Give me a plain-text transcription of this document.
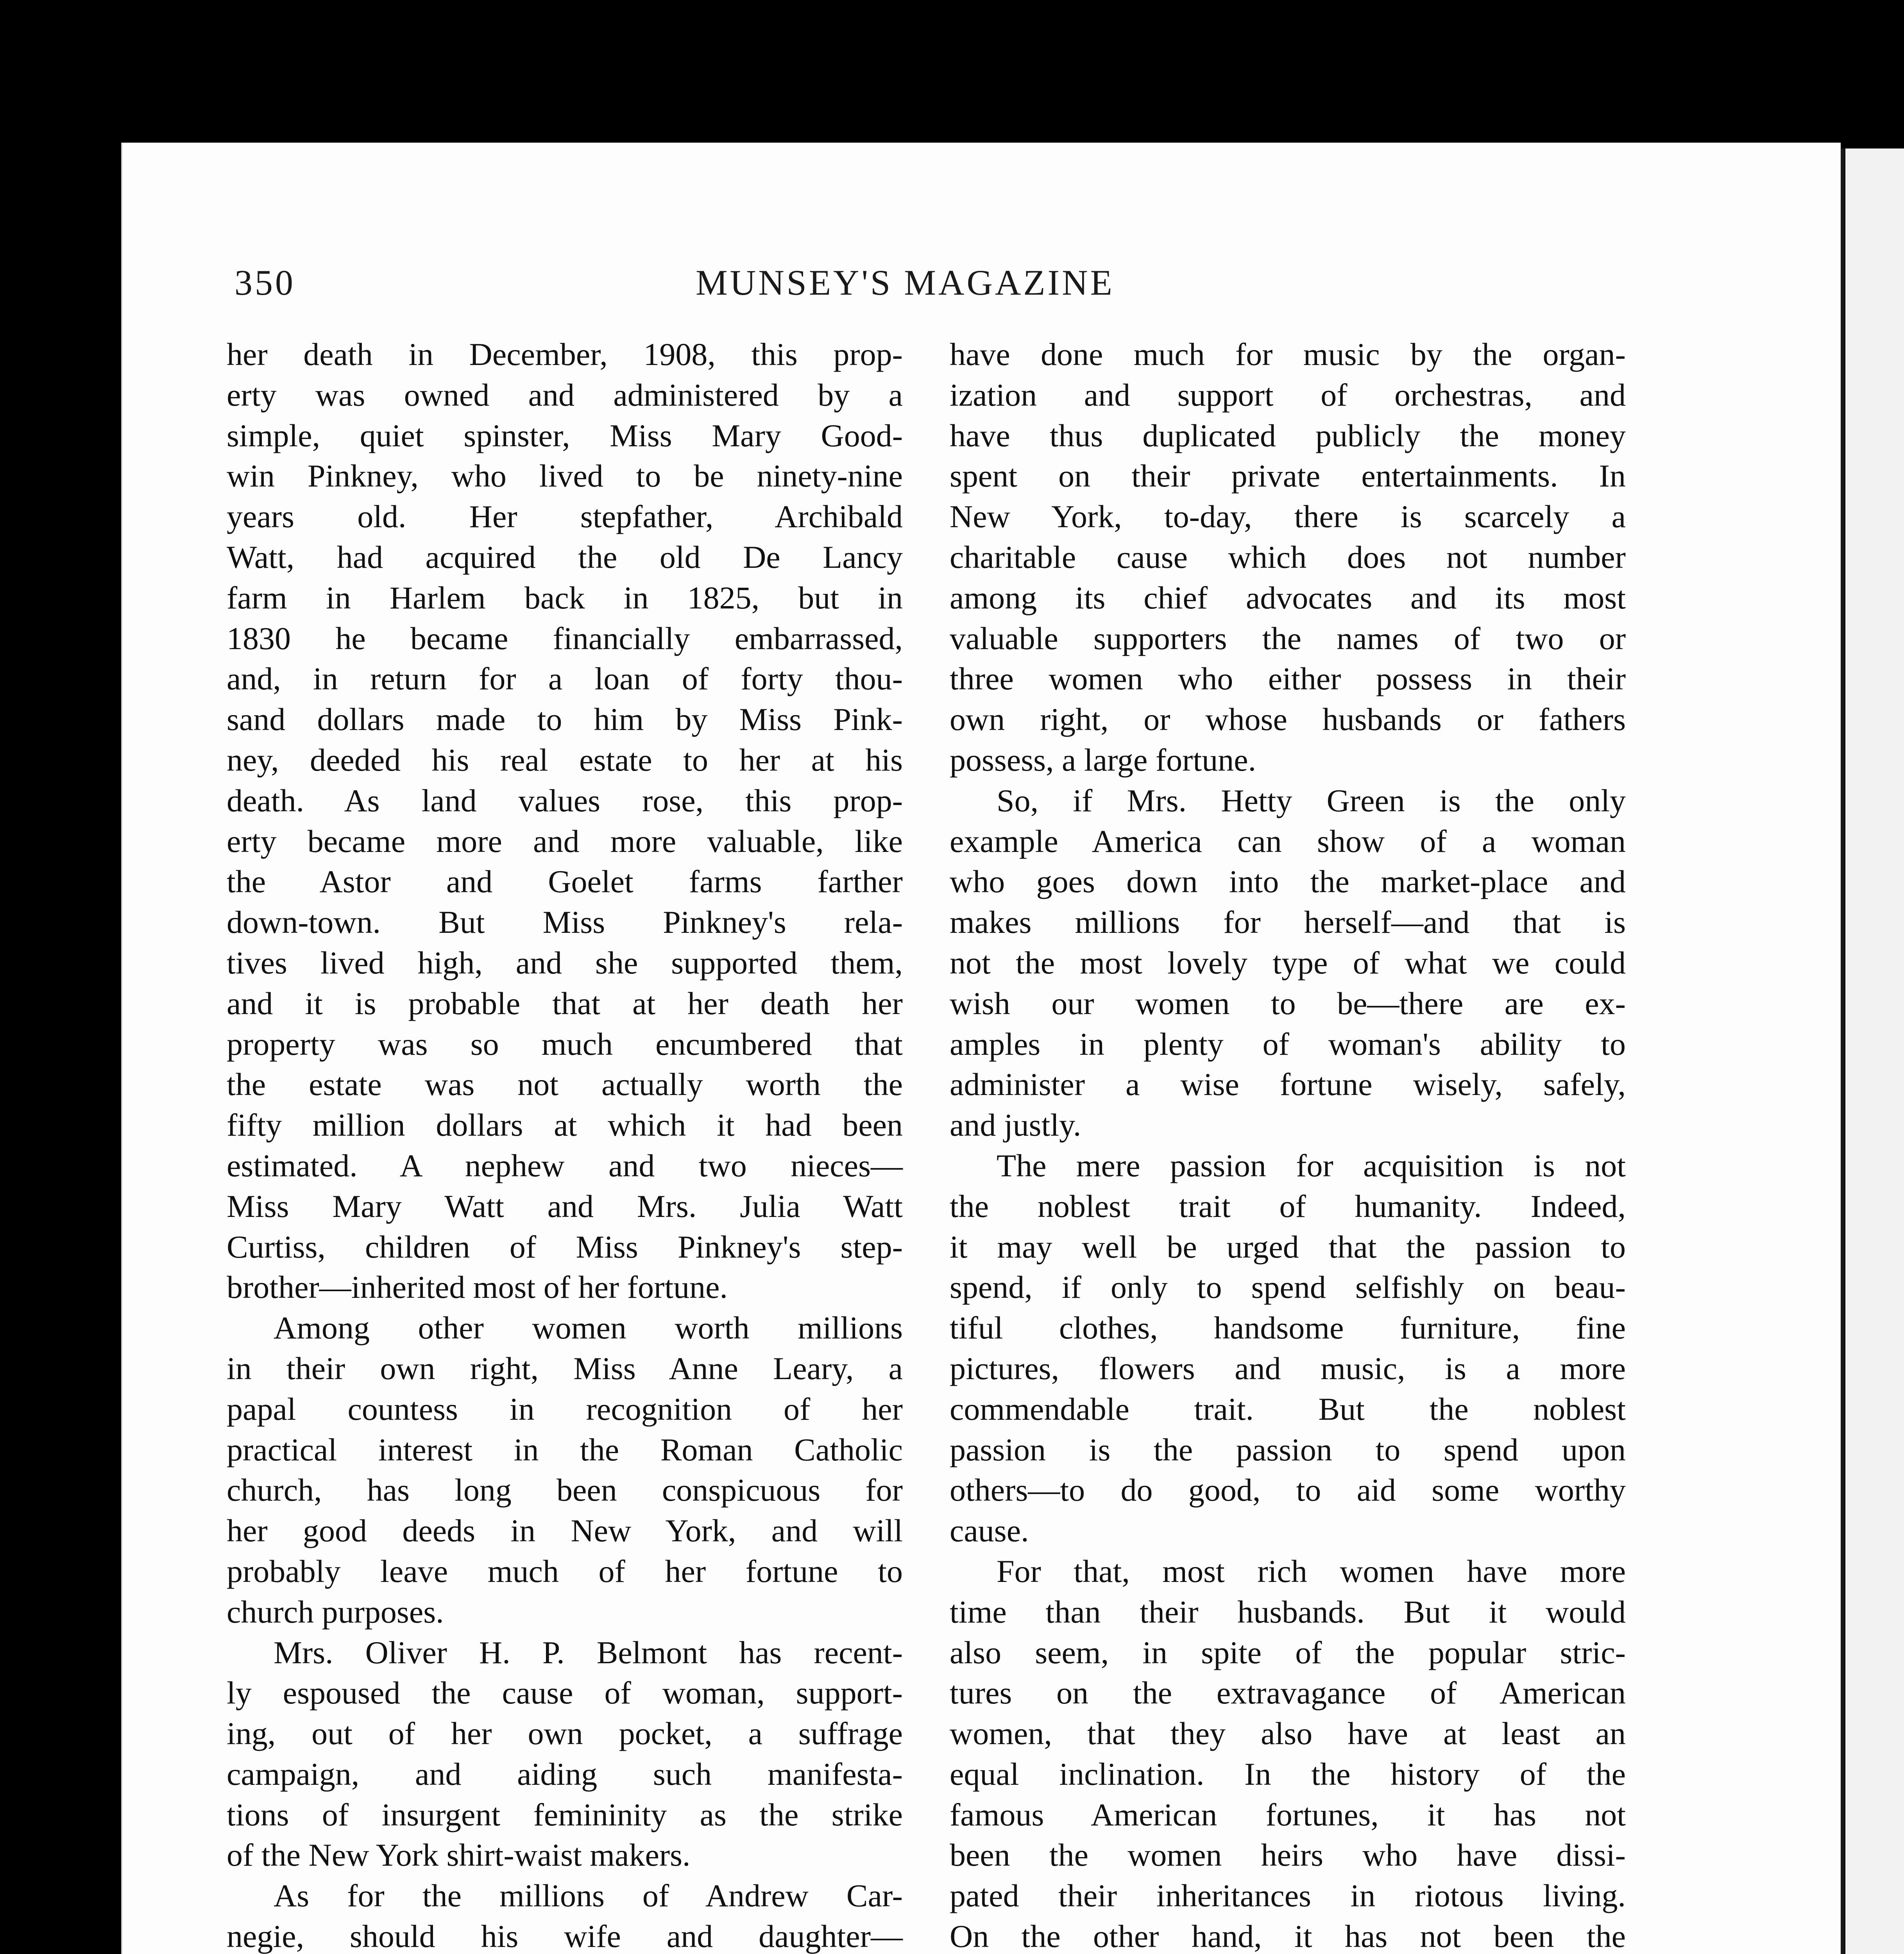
350	MUNSEY'S MAGAZINE
her death in December, 1908, this prop-
erty was owned and administered by a
simple, quiet spinster, Miss Mary Good-
win Pinkney, who lived to be ninety-nine
years old. Her stepfather, Archibald
Watt, had acquired the old De Lancy
farm in Harlem back in 1825, but in
1830 he became financially embarrassed,
and, in return for a loan of forty thou-
sand dollars made to him by Miss Pink-
ney, deeded his real estate to her at his
death. As land values rose, this prop-
erty became more and more valuable, like
the Astor and Goelet farms farther
down-town. But Miss Pinkney's rela-
tives lived high, and she supported them,
and it is probable that at her death her
property was so much encumbered that
the estate was not actually worth the
fifty million dollars at which it had been
estimated. A nephew and two nieces—
Miss Mary Watt and Mrs. Julia Watt
Curtiss, children of Miss Pinkney's step-
brother—inherited most of her fortune.
Among other women worth millions
in their own right, Miss Anne Leary, a
papal countess in recognition of her
practical interest in the Roman Catholic
church, has long been conspicuous for
her good deeds in New York, and will
probably leave much of her fortune to
church purposes.
Mrs. Oliver H. P. Belmont has recent-
ly espoused the cause of woman, support-
ing, out of her own pocket, a suffrage
campaign, and aiding such manifesta-
tions of insurgent femininity as the strike
of the New York shirt-waist makers.
As for the millions of Andrew Car-
negie, should his wife and daughter—
have done much for music by the organ-
ization and support of orchestras, and
have thus duplicated publicly the money
spent on their private entertainments. In
New York, to-day, there is scarcely a
charitable cause which does not number
among its chief advocates and its most
valuable supporters the names of two or
three women who either possess in their
own right, or whose husbands or fathers
possess, a large fortune.
So, if Mrs. Hetty Green is the only
example America can show of a woman
who goes down into the market-place and
makes millions for herself—and that is
not the most lovely type of what we could
wish our women to be—there are ex-
amples in plenty of woman's ability to
administer a wise fortune wisely, safely,
and justly.
The mere passion for acquisition is not
the noblest trait of humanity. Indeed,
it may well be urged that the passion to
spend, if only to spend selfishly on beau-
tiful clothes, handsome furniture, fine
pictures, flowers and music, is a more
commendable trait. But the noblest
passion is the passion to spend upon
others—to do good, to aid some worthy
cause.
For that, most rich women have more
time than their husbands. But it would
also seem, in spite of the popular stric-
tures on the extravagance of American
women, that they also have at least an
equal inclination. In the history of the
famous American fortunes, it has not
been the women heirs who have dissi-
pated their inheritances in riotous living.
On the other hand, it has not been the
